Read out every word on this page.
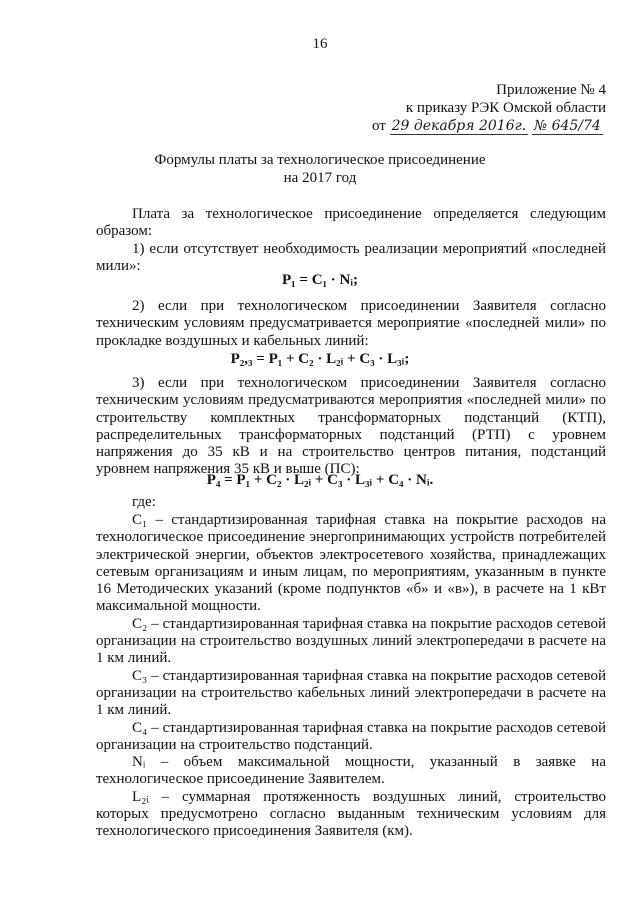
16
Приложение № 4
к приказу РЭК Омской области
от 29 декабря 2016г. № 645/74
Формулы платы за технологическое присоединение
на 2017 год

Плата за технологическое присоединение определяется следующим образом:

1) если отсутствует необходимость реализации мероприятий «последней мили»:

P₁ = C₁ · Nᵢ;

2) если при технологическом присоединении Заявителя согласно техническим условиям предусматривается мероприятие «последней мили» по прокладке воздушных и кабельных линий:

P₂,₃ = P₁ + C₂ · L₂ᵢ + C₃ · L₃ᵢ;

3) если при технологическом присоединении Заявителя согласно техническим условиям предусматриваются мероприятия «последней мили» по строительству комплектных трансформаторных подстанций (КТП), распределительных трансформаторных подстанций (РТП) с уровнем напряжения до 35 кВ и на строительство центров питания, подстанций уровнем напряжения 35 кВ и выше (ПС):

P₄ = P₁ + C₂ · L₂ᵢ + C₃ · L₃ᵢ + C₄ · Nᵢ.
где:

C₁ – стандартизированная тарифная ставка на покрытие расходов на технологическое присоединение энергопринимающих устройств потребителей электрической энергии, объектов электросетевого хозяйства, принадлежащих сетевым организациям и иным лицам, по мероприятиям, указанным в пункте 16 Методических указаний (кроме подпунктов «б» и «в»), в расчете на 1 кВт максимальной мощности.

C₂ – стандартизированная тарифная ставка на покрытие расходов сетевой организации на строительство воздушных линий электропередачи в расчете на 1 км линий.

C₃ – стандартизированная тарифная ставка на покрытие расходов сетевой организации на строительство кабельных линий электропередачи в расчете на 1 км линий.

C₄ – стандартизированная тарифная ставка на покрытие расходов сетевой организации на строительство подстанций.

Nᵢ – объем максимальной мощности, указанный в заявке на технологическое присоединение Заявителем.

L₂ᵢ – суммарная протяженность воздушных линий, строительство которых предусмотрено согласно выданным техническим условиям для технологического присоединения Заявителя (км).
